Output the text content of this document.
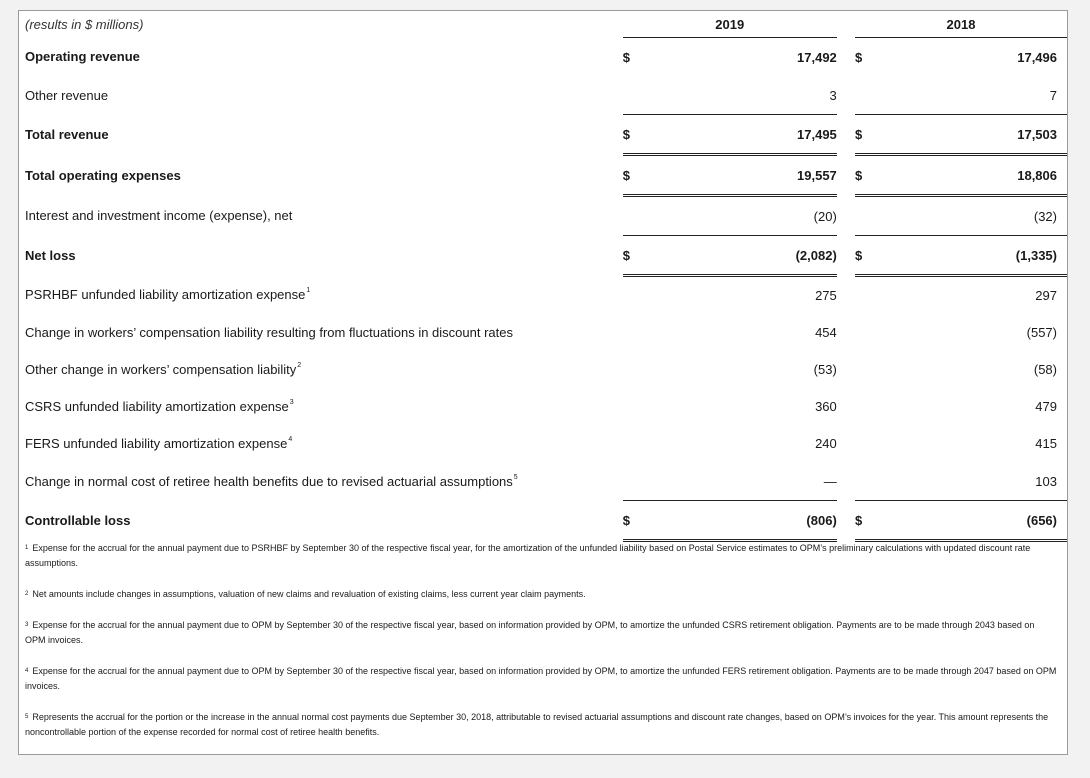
(results in $ millions)	2019			2018	
Operating revenue	$	17,492		$	17,496
Other revenue		3			7
Total revenue	$	17,495		$	17,503
Total operating expenses	$	19,557		$	18,806
Interest and investment income (expense), net		(20)			(32)
Net loss	$	(2,082)		$	(1,335)
PSRHBF unfunded liability amortization expense$^1$		275			297
Change in workers’ compensation liability resulting from fluctuations in discount rates		454			(557)
Other change in workers’ compensation liability$^2$		(53)			(58)
CSRS unfunded liability amortization expense$^3$		360			479
FERS unfunded liability amortization expense$^4$		240			415
Change in normal cost of retiree health benefits due to revised actuarial assumptions$^5$		—			103
Controllable loss	$	(806)		$	(656)

$^1$ Expense for the accrual for the annual payment due to PSRHBF by September 30 of the respective fiscal year, for the amortization of the unfunded liability based on Postal Service estimates to OPM’s preliminary calculations with updated discount rate assumptions.

$^2$ Net amounts include changes in assumptions, valuation of new claims and revaluation of existing claims, less current year claim payments.

$^3$ Expense for the accrual for the annual payment due to OPM by September 30 of the respective fiscal year, based on information provided by OPM, to amortize the unfunded CSRS retirement obligation. Payments are to be made through 2043 based on OPM invoices.

$^4$ Expense for the accrual for the annual payment due to OPM by September 30 of the respective fiscal year, based on information provided by OPM, to amortize the unfunded FERS retirement obligation. Payments are to be made through 2047 based on OPM invoices.

$^5$ Represents the accrual for the portion or the increase in the annual normal cost payments due September 30, 2018, attributable to revised actuarial assumptions and discount rate changes, based on OPM’s invoices for the year. This amount represents the noncontrollable portion of the expense recorded for normal cost of retiree health benefits.
